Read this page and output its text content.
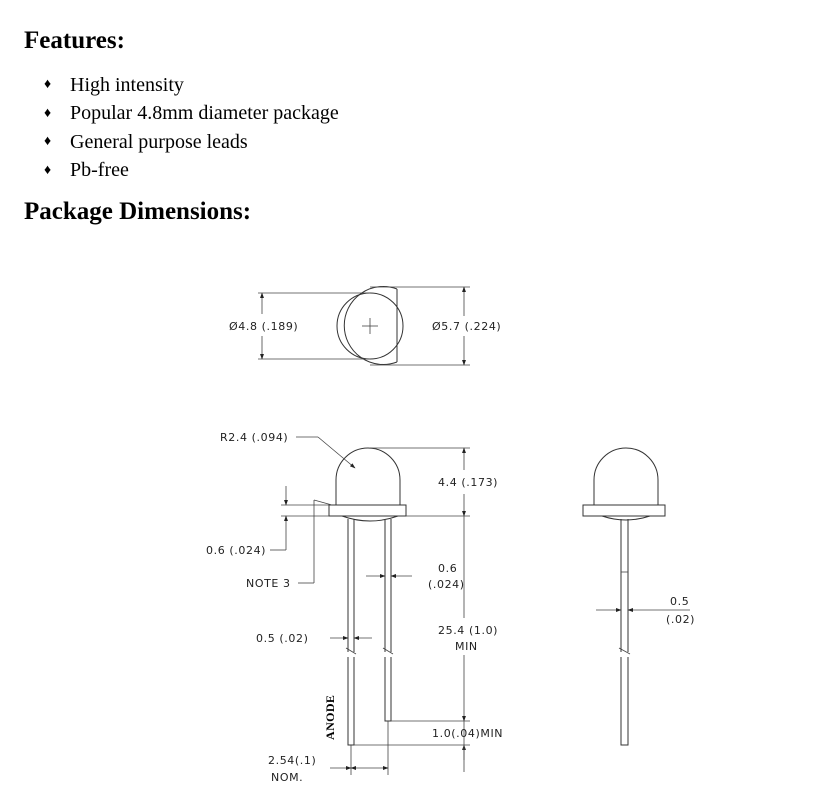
Features:
♦ High intensity
♦ Popular 4.8mm diameter package
♦ General purpose leads
♦ Pb-free
Package Dimensions:
Ø4.8 (.189)	Ø5.7 (.224)
R2.4 (.094)
4.4 (.173)
0.6 (.024)
NOTE 3
0.6
(.024)
0.5 (.02)
25.4 (1.0)
MIN
1.0(.04)MIN
ANODE
2.54(.1)
NOM.
0.5
(.02)
